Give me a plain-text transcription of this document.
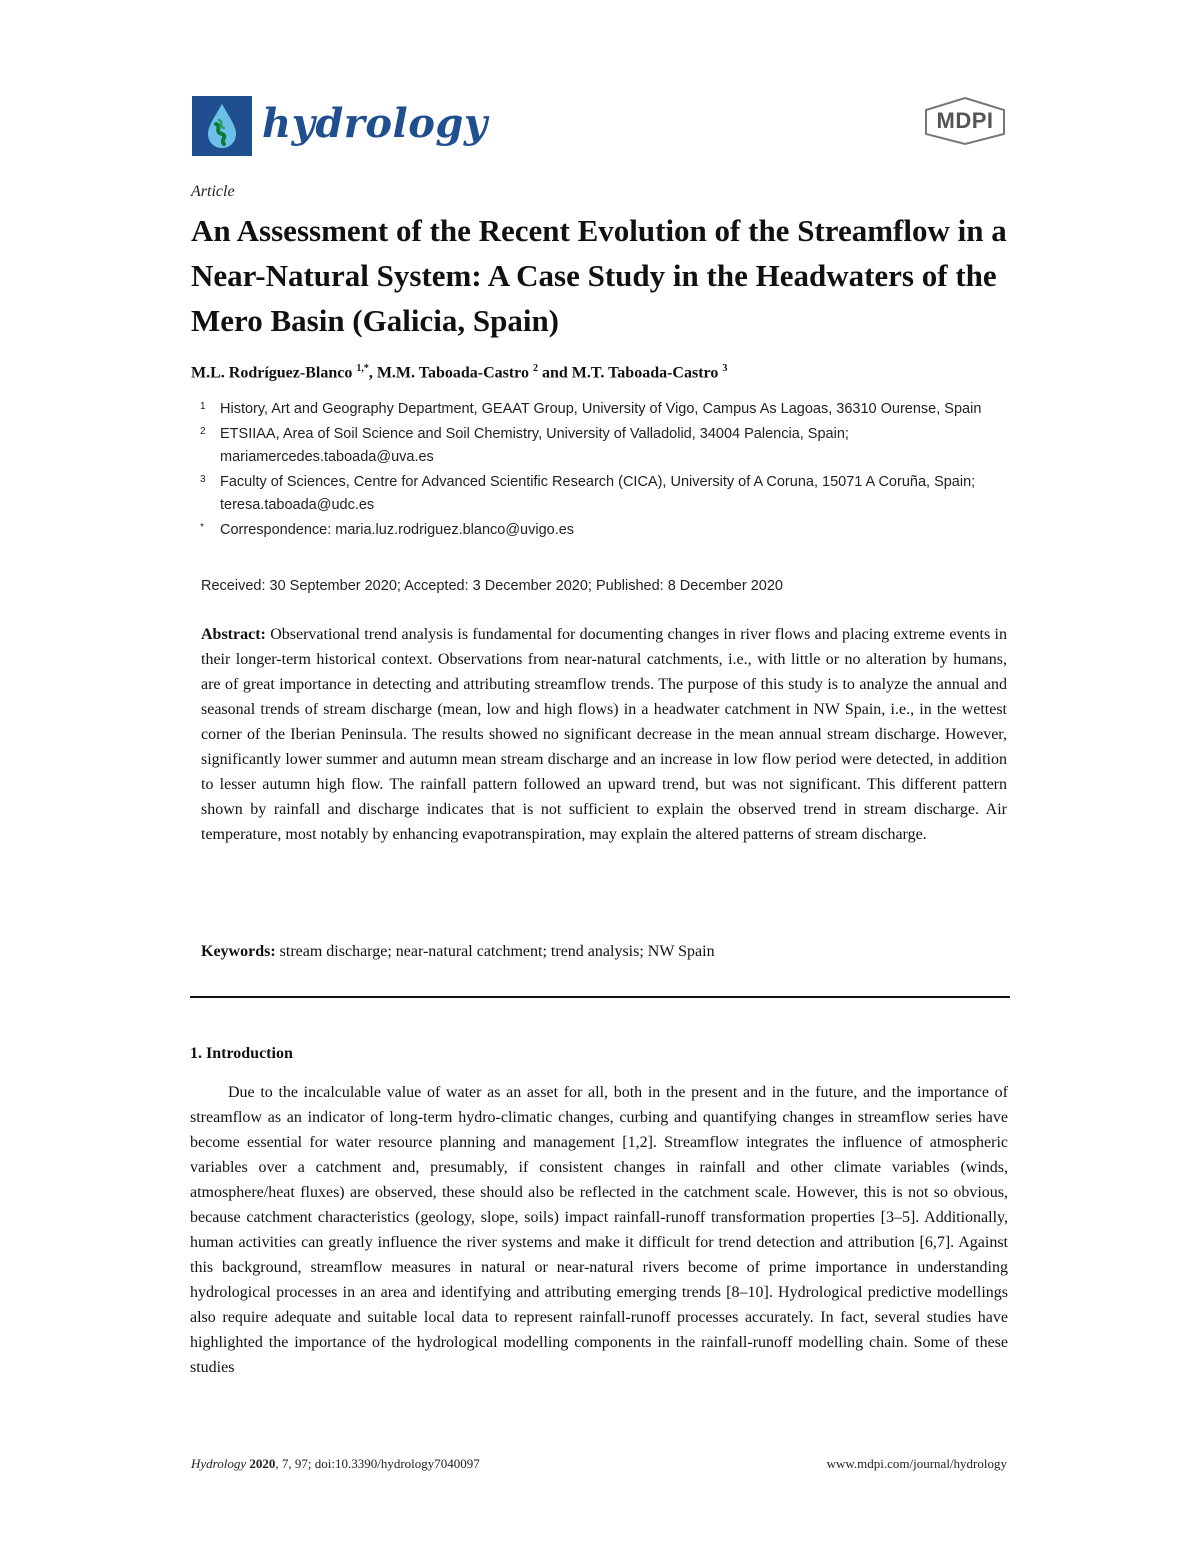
hydrology	MDPI
Article
An Assessment of the Recent Evolution of the Streamflow in a Near-Natural System: A Case Study in the Headwaters of the Mero Basin (Galicia, Spain)
M.L. Rodríguez-Blanco $^{1,*}$, M.M. Taboada-Castro $^2$ and M.T. Taboada-Castro $^3$
1 History, Art and Geography Department, GEAAT Group, University of Vigo, Campus As Lagoas, 36310 Ourense, Spain
2 ETSIIAA, Area of Soil Science and Soil Chemistry, University of Valladolid, 34004 Palencia, Spain; mariamercedes.taboada@uva.es
3 Faculty of Sciences, Centre for Advanced Scientific Research (CICA), University of A Coruna, 15071 A Coruña, Spain; teresa.taboada@udc.es
* Correspondence: maria.luz.rodriguez.blanco@uvigo.es
Received: 30 September 2020; Accepted: 3 December 2020; Published: 8 December 2020
Abstract: Observational trend analysis is fundamental for documenting changes in river flows and placing extreme events in their longer-term historical context. Observations from near-natural catchments, i.e., with little or no alteration by humans, are of great importance in detecting and attributing streamflow trends. The purpose of this study is to analyze the annual and seasonal trends of stream discharge (mean, low and high flows) in a headwater catchment in NW Spain, i.e., in the wettest corner of the Iberian Peninsula. The results showed no significant decrease in the mean annual stream discharge. However, significantly lower summer and autumn mean stream discharge and an increase in low flow period were detected, in addition to lesser autumn high flow. The rainfall pattern followed an upward trend, but was not significant. This different pattern shown by rainfall and discharge indicates that is not sufficient to explain the observed trend in stream discharge. Air temperature, most notably by enhancing evapotranspiration, may explain the altered patterns of stream discharge.
Keywords: stream discharge; near-natural catchment; trend analysis; NW Spain
1. Introduction
Due to the incalculable value of water as an asset for all, both in the present and in the future, and the importance of streamflow as an indicator of long-term hydro-climatic changes, curbing and quantifying changes in streamflow series have become essential for water resource planning and management [1,2]. Streamflow integrates the influence of atmospheric variables over a catchment and, presumably, if consistent changes in rainfall and other climate variables (winds, atmosphere/heat fluxes) are observed, these should also be reflected in the catchment scale. However, this is not so obvious, because catchment characteristics (geology, slope, soils) impact rainfall-runoff transformation properties [3–5]. Additionally, human activities can greatly influence the river systems and make it difficult for trend detection and attribution [6,7]. Against this background, streamflow measures in natural or near-natural rivers become of prime importance in understanding hydrological processes in an area and identifying and attributing emerging trends [8–10]. Hydrological predictive modellings also require adequate and suitable local data to represent rainfall-runoff processes accurately. In fact, several studies have highlighted the importance of the hydrological modelling components in the rainfall-runoff modelling chain. Some of these studies
Hydrology 2020, 7, 97; doi:10.3390/hydrology7040097	www.mdpi.com/journal/hydrology
